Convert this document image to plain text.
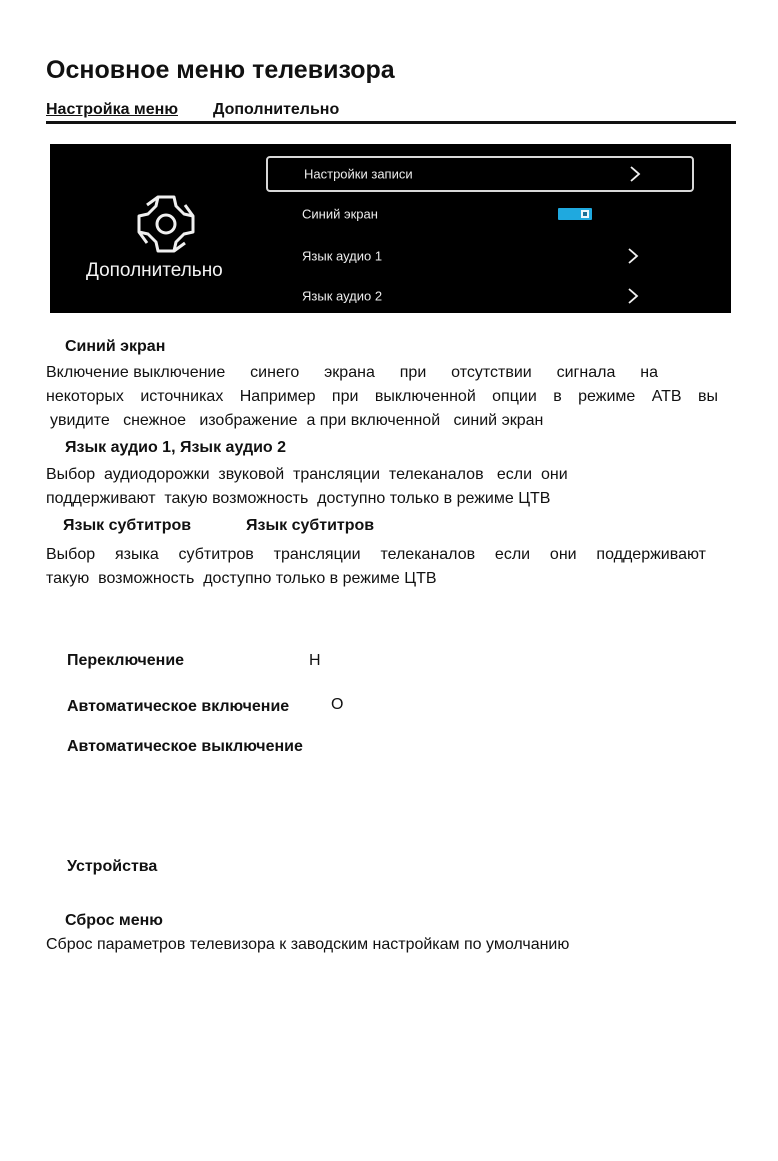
Основное меню телевизора
Настройка меню Дополнительно
Дополнительно
Настройки записи
Синий экран
Язык аудио 1
Язык аудио 2
Синий экран
Включение выключение синего экрана при отсутствии сигнала на
некоторых источниках Например при выключенной опции в режиме АТВ вы
увидите   снежное   изображение  а при включенной   синий экран
Язык аудио 1, Язык аудио 2
Выбор  аудиодорожки  звуковой  трансляции  телеканалов   если  они
поддерживают  такую возможность  доступно только в режиме ЦТВ
Язык субтитров	Язык субтитров
Выбор языка субтитров трансляции телеканалов если они поддерживают
такую  возможность  доступно только в режиме ЦТВ
Переключение	Н
Автоматическое включение	О
Автоматическое выключение
Устройства
Сброс меню
Сброс параметров телевизора к заводским настройкам по умолчанию
